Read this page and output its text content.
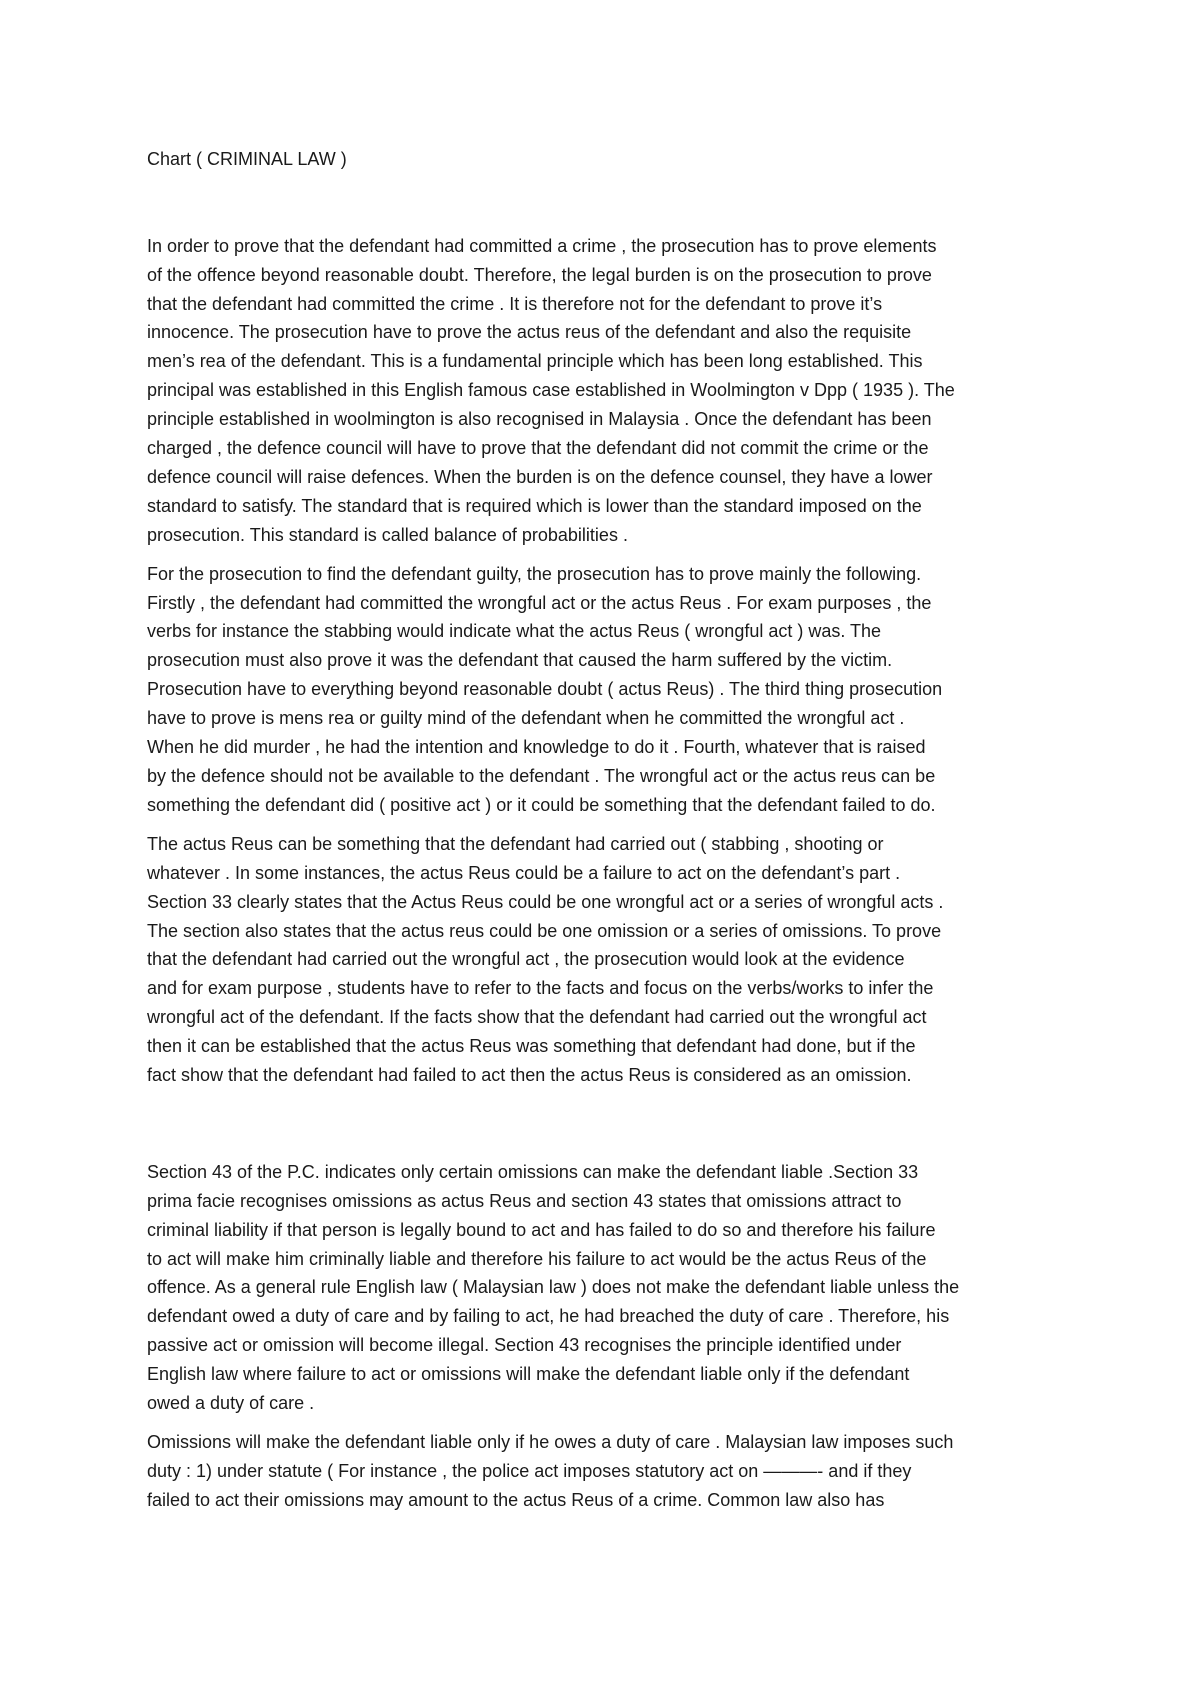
Chart ( CRIMINAL LAW )
In order to prove that the defendant had committed a crime , the prosecution has to prove elements
of the offence beyond reasonable doubt. Therefore, the legal burden is on the prosecution to prove
that the defendant had committed the crime . It is therefore not for the defendant to prove it’s
innocence. The prosecution have to prove the actus reus of the defendant and also the requisite
men’s rea of the defendant. This is a fundamental principle which has been long established. This
principal was established in this English famous case established in Woolmington v Dpp ( 1935 ). The
principle established in woolmington is also recognised in Malaysia . Once the defendant has been
charged , the defence council will have to prove that the defendant did not commit the crime or the
defence council will raise defences. When the burden is on the defence counsel, they have a lower
standard to satisfy. The standard that is required which is lower than the standard imposed on the
prosecution. This standard is called balance of probabilities .
For the prosecution to find the defendant guilty, the prosecution has to prove mainly the following.
Firstly , the defendant had committed the wrongful act or the actus Reus . For exam purposes , the
verbs for instance the stabbing would indicate what the actus Reus ( wrongful act ) was. The
prosecution must also prove it was the defendant that caused the harm suffered by the victim.
Prosecution have to everything beyond reasonable doubt ( actus Reus) . The third thing prosecution
have to prove is mens rea or guilty mind of the defendant when he committed the wrongful act .
When he did murder , he had the intention and knowledge to do it . Fourth, whatever that is raised
by the defence should not be available to the defendant . The wrongful act or the actus reus can be
something the defendant did ( positive act ) or it could be something that the defendant failed to do.
The actus Reus can be something that the defendant had carried out ( stabbing , shooting or
whatever . In some instances, the actus Reus could be a failure to act on the defendant’s part .
Section 33 clearly states that the Actus Reus could be one wrongful act or a series of wrongful acts .
The section also states that the actus reus could be one omission or a series of omissions. To prove
that the defendant had carried out the wrongful act , the prosecution would look at the evidence
and for exam purpose , students have to refer to the facts and focus on the verbs/works to infer the
wrongful act of the defendant. If the facts show that the defendant had carried out the wrongful act
then it can be established that the actus Reus was something that defendant had done, but if the
fact show that the defendant had failed to act then the actus Reus is considered as an omission.
Section 43 of the P.C. indicates only certain omissions can make the defendant liable .Section 33
prima facie recognises omissions as actus Reus and section 43 states that omissions attract to
criminal liability if that person is legally bound to act and has failed to do so and therefore his failure
to act will make him criminally liable and therefore his failure to act would be the actus Reus of the
offence. As a general rule English law ( Malaysian law ) does not make the defendant liable unless the
defendant owed a duty of care and by failing to act, he had breached the duty of care . Therefore, his
passive act or omission will become illegal. Section 43 recognises the principle identified under
English law where failure to act or omissions will make the defendant liable only if the defendant
owed a duty of care .
Omissions will make the defendant liable only if he owes a duty of care . Malaysian law imposes such
duty : 1) under statute ( For instance , the police act imposes statutory act on ———- and if they
failed to act their omissions may amount to the actus Reus of a crime. Common law also has
